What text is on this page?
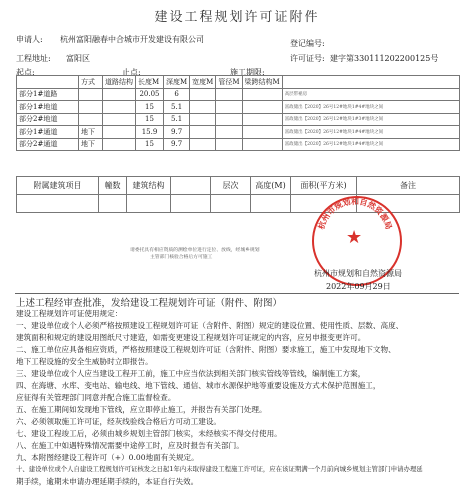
建设工程规划许可证附件
申请人: 杭州富阳融春中合城市开发建设有限公司	登记编号:
工程地址: 富阳区	许可证号: 建字第330111202200125号
起点:	止点:	施工期限:
	方式	道路结构	长度M	深度M	宽度M	管径M	梁跨结构M	
部分1#道路			20.05	6				高层带裙房
部分1#地道			15	5.1				富政储出【2020】26号12#地块1#4#地块之间
部分2#地道			15	5.1				富政储出【2020】26号12#地块1#3#地块之间
部分1#通道	地下		15.9	9.7				富政储出【2020】26号12#地块1#4#地块之间
部分2#通道	地下		15	9.7				富政储出【2020】26号12#地块1#4#地块之间
附属建筑项目	幢数	建筑结构		层次	高度(M)	面积(平方米)	备注

请委托具有相应资质的测绘单位进行定位、放线，经城乡规划
主管部门核验合格后方可施工
杭州市规划和自然资源局
★
杭州市规划和自然资源局
2022年09月29日
上述工程经审查批准，发给建设工程规划许可证（附件、附图）
建设工程规划许可证使用规定：
一、建设单位或个人必须严格按照建设工程规划许可证（含附件、附图）规定的建设位置、使用性质、层数、高度、
建筑面积和规定的建设用图纸尺寸建造，如需变更建设工程规划许可证规定的内容，应另申报变更许可。
二、施工单位应具备相应资质，严格按照建设工程规划许可证（含附件、附图）要求施工，施工中发现地下文物、
地下工程设施的安全生威胁时立即报告。
三、建设单位或个人应当建设工程开工前，施工中应当依法到相关部门核实管线等管线，编制施工方案，
四、在海塘、水库、变电站、输电线、地下管线、通信、城市水源保护地等重要设施及方式术保护范围施工，
应征得有关管理部门同意并配合施工监督检查。
五、在施工期间如发现地下管线，应立即停止施工，并报告有关部门处理。
六、必须领取施工许可证，经灰线验线合格后方可动工建设。
七、建设工程竣工后，必须由城乡规划主管部门核实，未经核实不得交付使用。
八、在施工中如遇特殊情况需要中途停工时，应及时报告有关部门。
九、本附图经建设工程许可（+）0.00地面有关规定。
十、建设单位或个人自建设工程规划许可证核发之日起1年内未取得建设工程施工许可证，应在该证期满一个月前向城乡规划主管部门申请办理延
期手续，逾期未申请办理延期手续的，本证自行失效。
